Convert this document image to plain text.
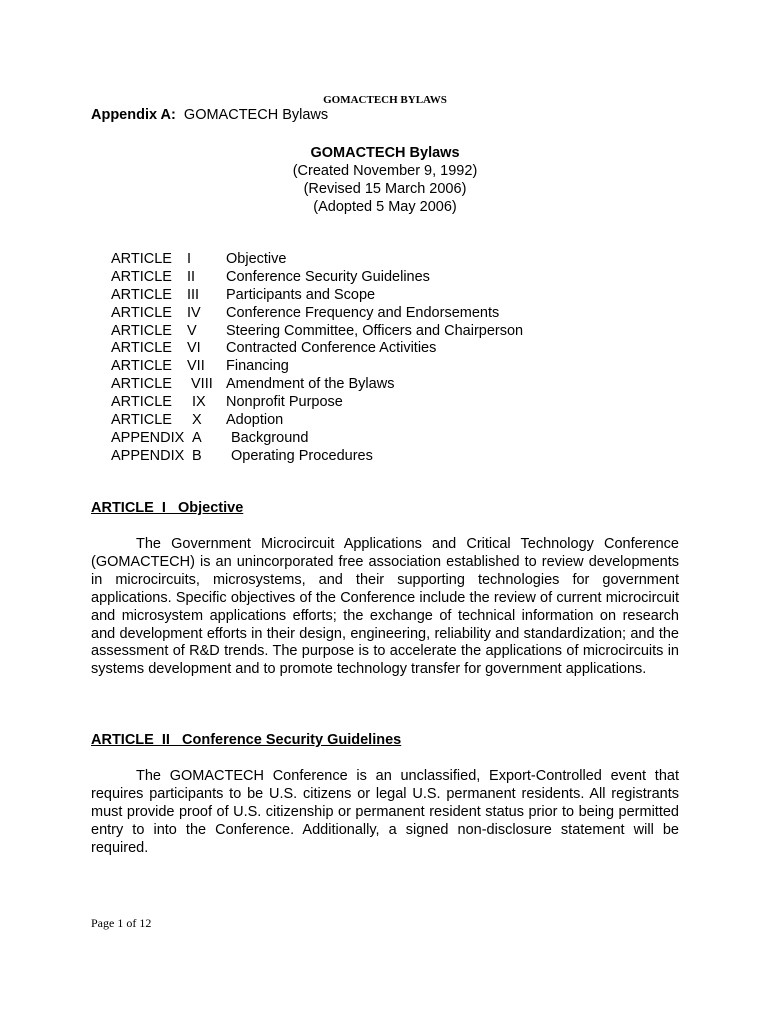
GOMACTECH BYLAWS
Appendix A: GOMACTECH Bylaws
GOMACTECH Bylaws
(Created November 9, 1992)
(Revised 15 March 2006)
(Adopted 5 May 2006)
ARTICLE I Objective
ARTICLE II Conference Security Guidelines
ARTICLE III Participants and Scope
ARTICLE IV Conference Frequency and Endorsements
ARTICLE V Steering Committee, Officers and Chairperson
ARTICLE VI Contracted Conference Activities
ARTICLE VII Financing
ARTICLE VIII Amendment of the Bylaws
ARTICLE IX Nonprofit Purpose
ARTICLE X Adoption
APPENDIX A Background
APPENDIX B Operating Procedures
ARTICLE  I   Objective
The Government Microcircuit Applications and Critical Technology Conference (GOMACTECH) is an unincorporated free association established to review developments in microcircuits, microsystems, and their supporting technologies for government applications. Specific objectives of the Conference include the review of current microcircuit and microsystem applications efforts; the exchange of technical information on research and development efforts in their design, engineering, reliability and standardization; and the assessment of R&D trends. The purpose is to accelerate the applications of microcircuits in systems development and to promote technology transfer for government applications.
ARTICLE  II   Conference Security Guidelines
The GOMACTECH Conference is an unclassified, Export-Controlled event that requires participants to be U.S. citizens or legal U.S. permanent residents. All registrants must provide proof of U.S. citizenship or permanent resident status prior to being permitted entry to into the Conference. Additionally, a signed non-disclosure statement will be required.
Page 1 of 12
